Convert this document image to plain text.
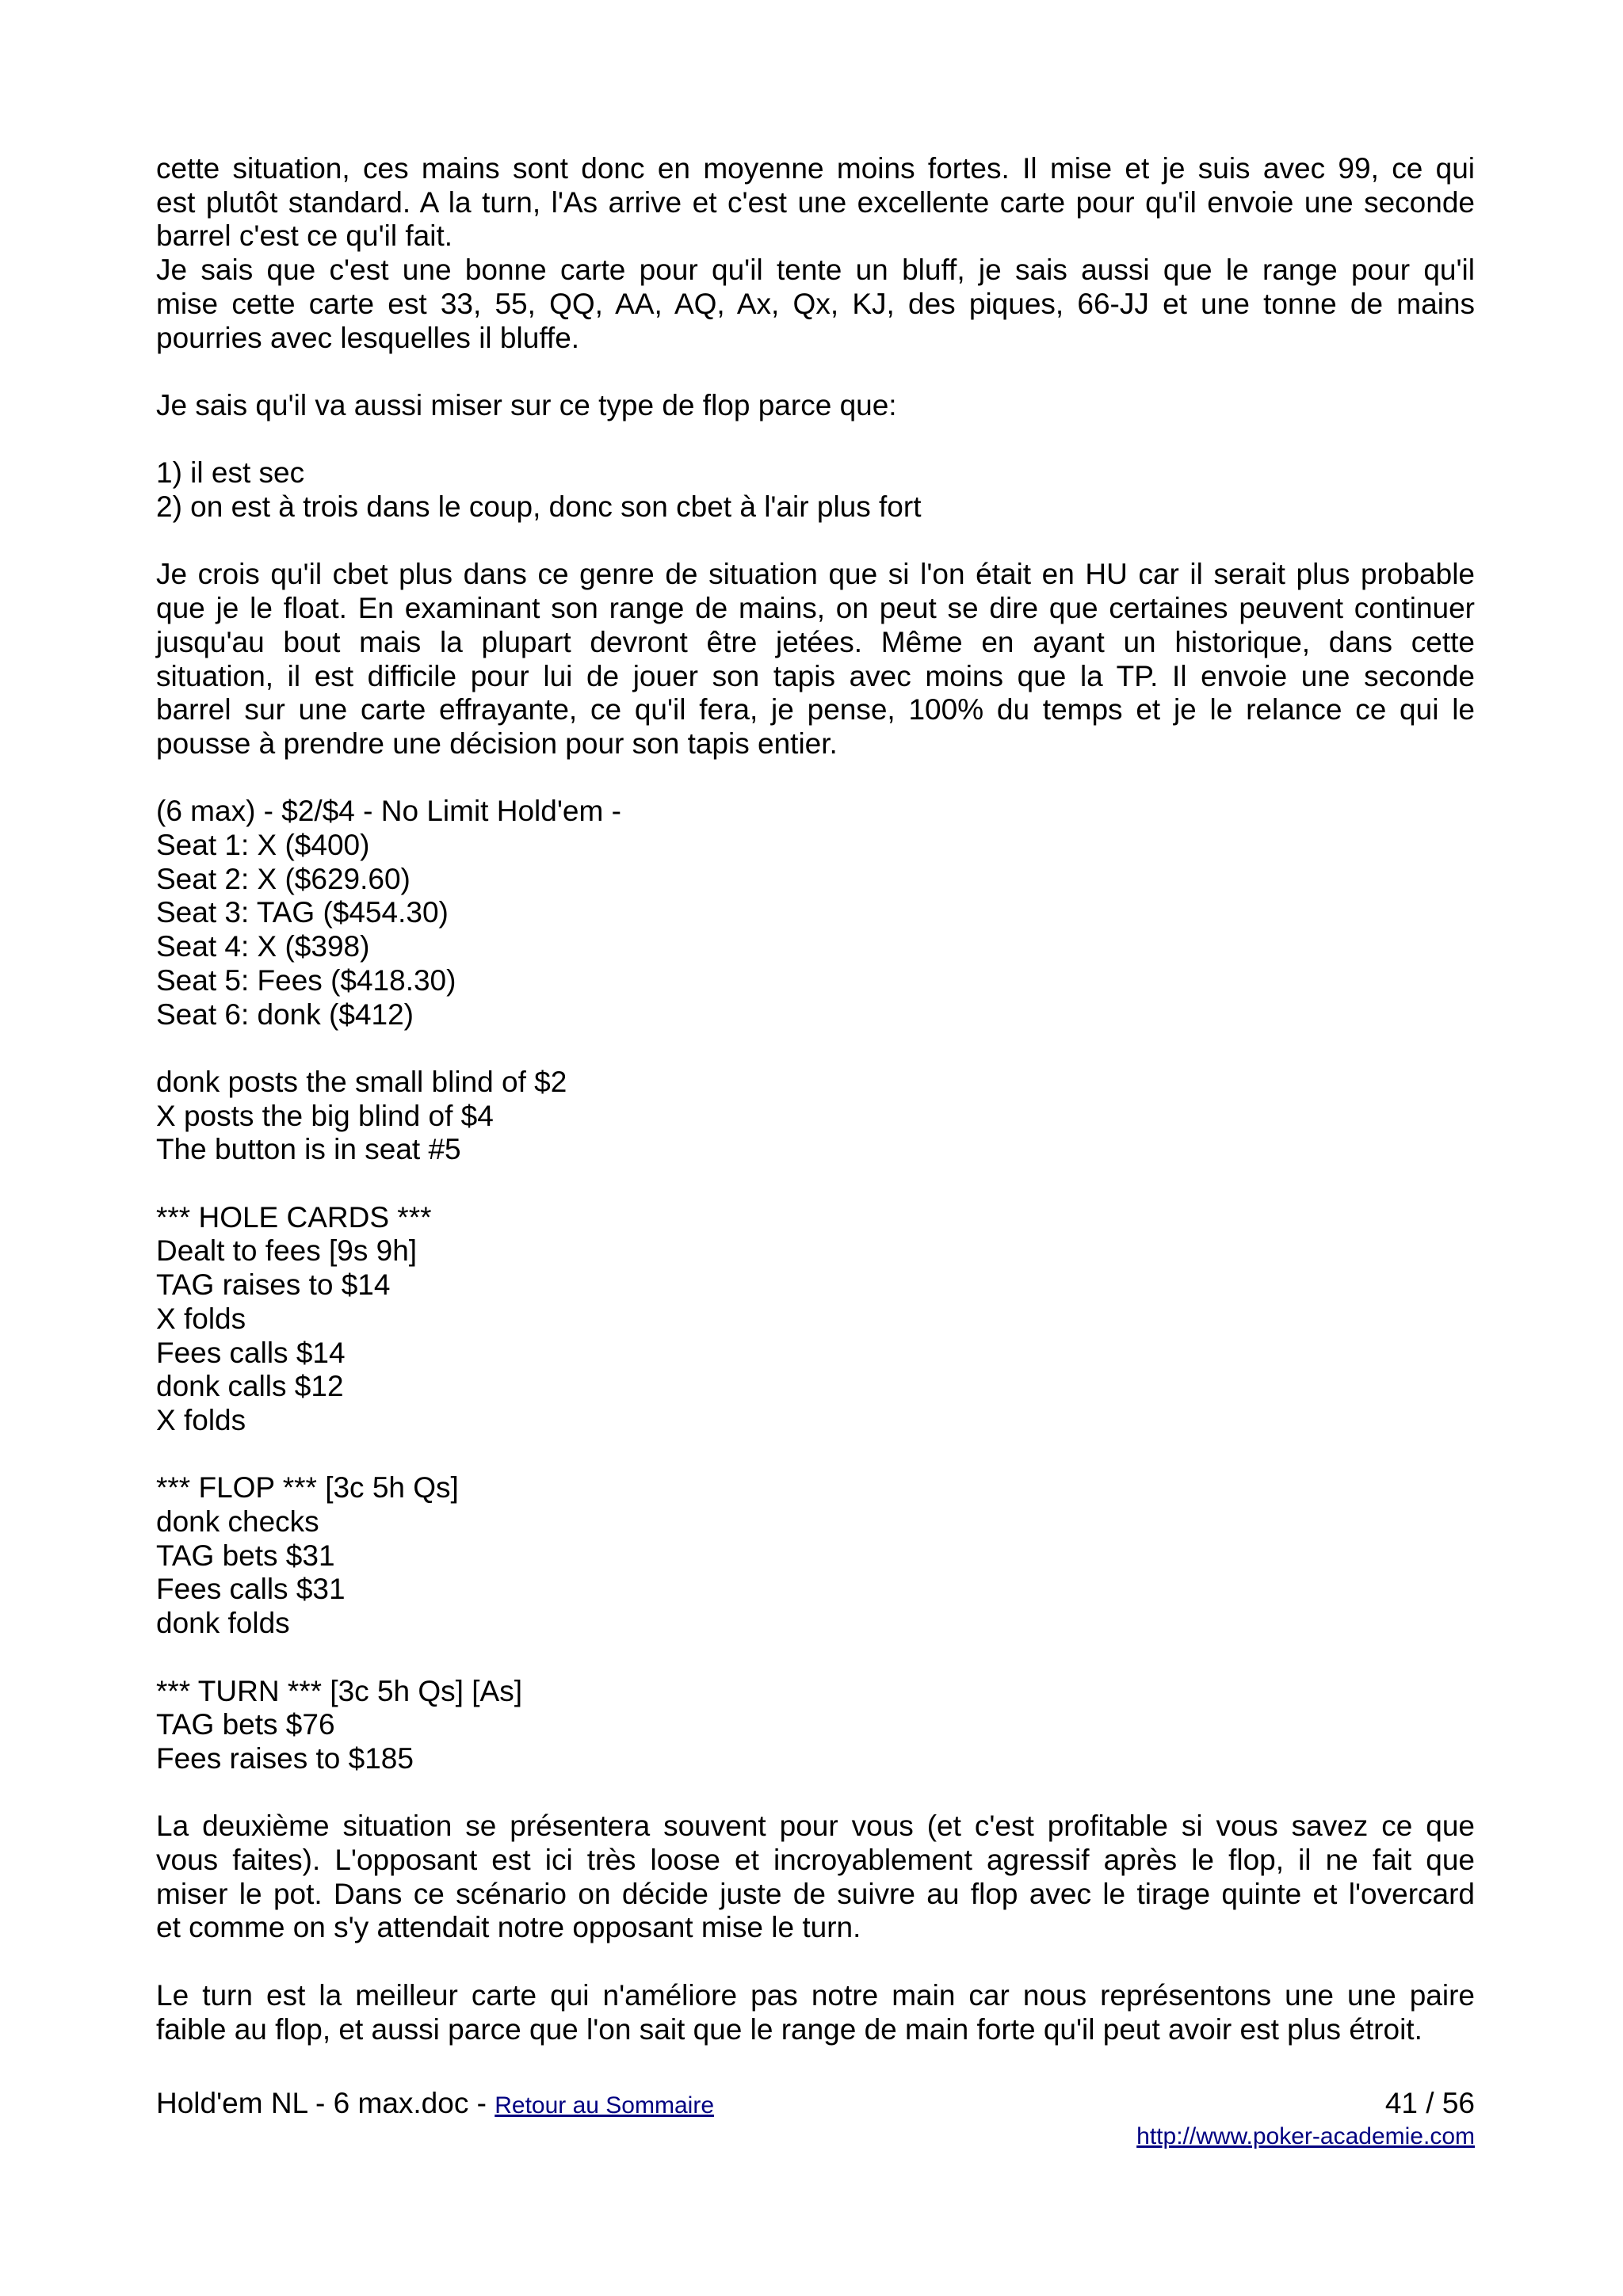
cette situation, ces mains sont donc en moyenne moins fortes. Il mise et je suis avec 99, ce qui
est plutôt standard. A la turn, l'As arrive et c'est une excellente carte pour qu'il envoie une seconde
barrel c'est ce qu'il fait.
Je sais que c'est une bonne carte pour qu'il tente un bluff, je sais aussi que le range pour qu'il
mise cette carte est 33, 55, QQ, AA, AQ, Ax, Qx, KJ, des piques, 66-JJ et une tonne de mains
pourries avec lesquelles il bluffe.
Je sais qu'il va aussi miser sur ce type de flop parce que:
1) il est sec
2) on est à trois dans le coup, donc son cbet à l'air plus fort
Je crois qu'il cbet plus dans ce genre de situation que si l'on était en HU car il serait plus probable
que je le float. En examinant son range de mains, on peut se dire que certaines peuvent continuer
jusqu'au bout mais la plupart devront être jetées. Même en ayant un historique, dans cette
situation, il est difficile pour lui de jouer son tapis avec moins que la TP. Il envoie une seconde
barrel sur une carte effrayante, ce qu'il fera, je pense, 100% du temps et je le relance ce qui le
pousse à prendre une décision pour son tapis entier.
(6 max) - $2/$4 - No Limit Hold'em -
Seat 1: X ($400)
Seat 2: X ($629.60)
Seat 3: TAG ($454.30)
Seat 4: X ($398)
Seat 5: Fees ($418.30)
Seat 6: donk ($412)
donk posts the small blind of $2
X posts the big blind of $4
The button is in seat #5
*** HOLE CARDS ***
Dealt to fees [9s 9h]
TAG raises to $14
X folds
Fees calls $14
donk calls $12
X folds
*** FLOP *** [3c 5h Qs]
donk checks
TAG bets $31
Fees calls $31
donk folds
*** TURN *** [3c 5h Qs] [As]
TAG bets $76
Fees raises to $185
La deuxième situation se présentera souvent pour vous (et c'est profitable si vous savez ce que
vous faites). L'opposant est ici très loose et incroyablement agressif après le flop, il ne fait que
miser le pot. Dans ce scénario on décide juste de suivre au flop avec le tirage quinte et l'overcard
et comme on s'y attendait notre opposant mise le turn.
Le turn est la meilleur carte qui n'améliore pas notre main car nous représentons une une paire
faible au flop, et aussi parce que l'on sait que le range de main forte qu'il peut avoir est plus étroit.
Hold'em NL - 6 max.doc - Retour au Sommaire	41 / 56
http://www.poker-academie.com
